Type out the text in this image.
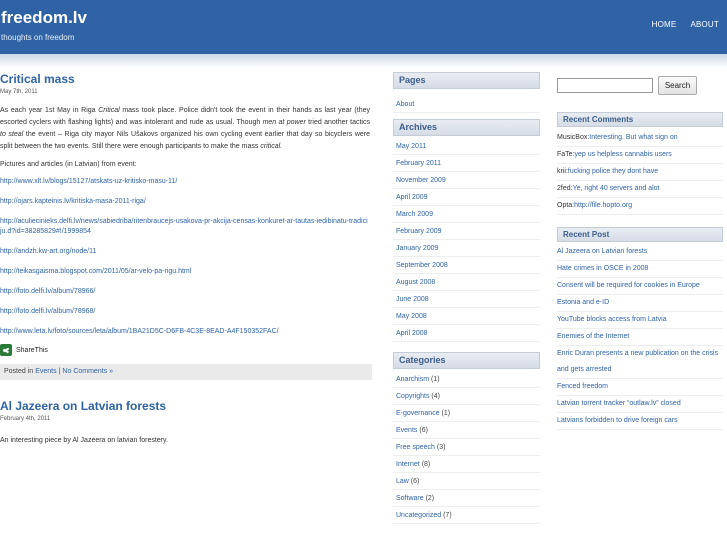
freedom.lv
thoughts on freedom
HOME ABOUT
Critical mass
May 7th, 2011

As each year 1st May in Riga Critical mass took place. Police didn't took the event in their hands as last year (they escorted cyclers with flashing lights) and was intolerant and rude as usual. Though men at power tried another tactics to steal the event – Riga city mayor Nils Ušakovs organized his own cycling event earlier that day so bicyclers were split between the two events. Still there were enough participants to make the mass critical.

Pictures and articles (in Latvian) from event:

http://www.xlt.lv/blogs/15127/atskats-uz-kritisko-masu-11/
http://ojars.kapteinis.lv/kritiska-masa-2011-riga/
http://aculiecinieks.delfi.lv/news/sabiedriba/ritenbraucejs-usakova-pr-akcija-censas-konkuret-ar-tautas-iedibinatu-tradiciju.d?id=38285829#!/1999854
http://andzh.kw-art.org/node/11
http://teikasgaisma.blogspot.com/2011/05/ar-velo-pa-rigu.html
http://foto.delfi.lv/album/78966/
http://foto.delfi.lv/album/78968/
http://www.leta.lv/foto/sources/leta/album/1BA21D5C-D6FB-4C3E-8EAD-A4F150352FAC/
ShareThis
Posted in Events | No Comments »
Al Jazeera on Latvian forests
February 4th, 2011

An interesting piece by Al Jazeera on latvian forestery.

Pages
About
Archives
May 2011
February 2011
November 2009
April 2009
March 2009
February 2009
January 2009
September 2008
August 2008
June 2008
May 2008
April 2008
Categories
Anarchism (1)
Copyrights (4)
E-governance (1)
Events (6)
Free speech (3)
Internet (8)
Law (6)
Software (2)
Uncategorized (7)
Search
Recent Comments
MusicBox:Interesting. But what sign on
FaTe:yep us helpless cannabis users
krii:fucking police they dont have
2fed:Ye, right 40 servers and alot
Opta:http://file.hopto.org
Recent Post
Al Jazeera on Latvian forests
Hate crimes in OSCE in 2008
Consent will be required for cookies in Europe
Estonia and e-ID
YouTube blocks access from Latvia
Enemies of the Internet
Enric Duran presents a new publication on the crisis and gets arrested
Fenced freedom
Latvian torrent tracker “outlaw.lv” closed
Latvians forbidden to drive foreign cars
